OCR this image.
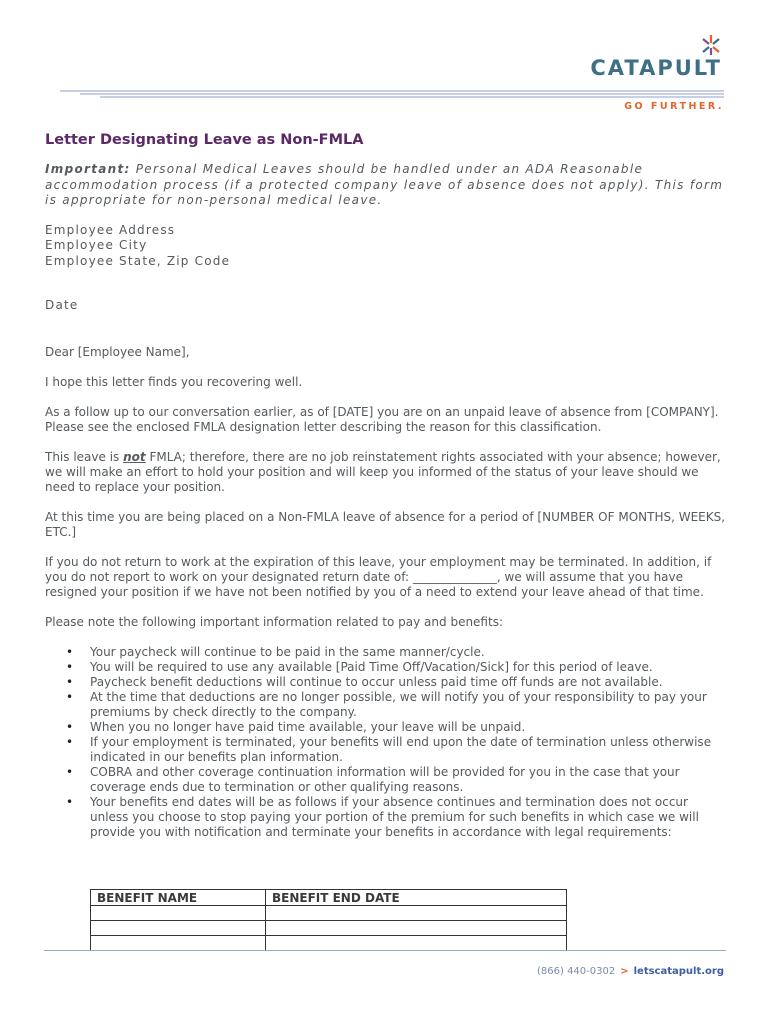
CATAPULT
GO FURTHER.
Letter Designating Leave as Non-FMLA
Important: Personal Medical Leaves should be handled under an ADA Reasonable accommodation process (if a protected company leave of absence does not apply). This form is appropriate for non-personal medical leave.
Employee Address
Employee City
Employee State, Zip Code
Date

Dear [Employee Name],

I hope this letter finds you recovering well.

As a follow up to our conversation earlier, as of [DATE] you are on an unpaid leave of absence from [COMPANY]. Please see the enclosed FMLA designation letter describing the reason for this classification.

This leave is not FMLA; therefore, there are no job reinstatement rights associated with your absence; however, we will make an effort to hold your position and will keep you informed of the status of your leave should we need to replace your position.

At this time you are being placed on a Non-FMLA leave of absence for a period of [NUMBER OF MONTHS, WEEKS, ETC.]

If you do not return to work at the expiration of this leave, your employment may be terminated. In addition, if you do not report to work on your designated return date of: ______________, we will assume that you have resigned your position if we have not been notified by you of a need to extend your leave ahead of that time.

Please note the following important information related to pay and benefits:

• Your paycheck will continue to be paid in the same manner/cycle.
• You will be required to use any available [Paid Time Off/Vacation/Sick] for this period of leave.
• Paycheck benefit deductions will continue to occur unless paid time off funds are not available.
• At the time that deductions are no longer possible, we will notify you of your responsibility to pay your premiums by check directly to the company.
• When you no longer have paid time available, your leave will be unpaid.
• If your employment is terminated, your benefits will end upon the date of termination unless otherwise indicated in our benefits plan information.
• COBRA and other coverage continuation information will be provided for you in the case that your coverage ends due to termination or other qualifying reasons.
• Your benefits end dates will be as follows if your absence continues and termination does not occur unless you choose to stop paying your portion of the premium for such benefits in which case we will provide you with notification and terminate your benefits in accordance with legal requirements:
BENEFIT NAME	BENEFIT END DATE

(866) 440-0302 > letscatapult.org
